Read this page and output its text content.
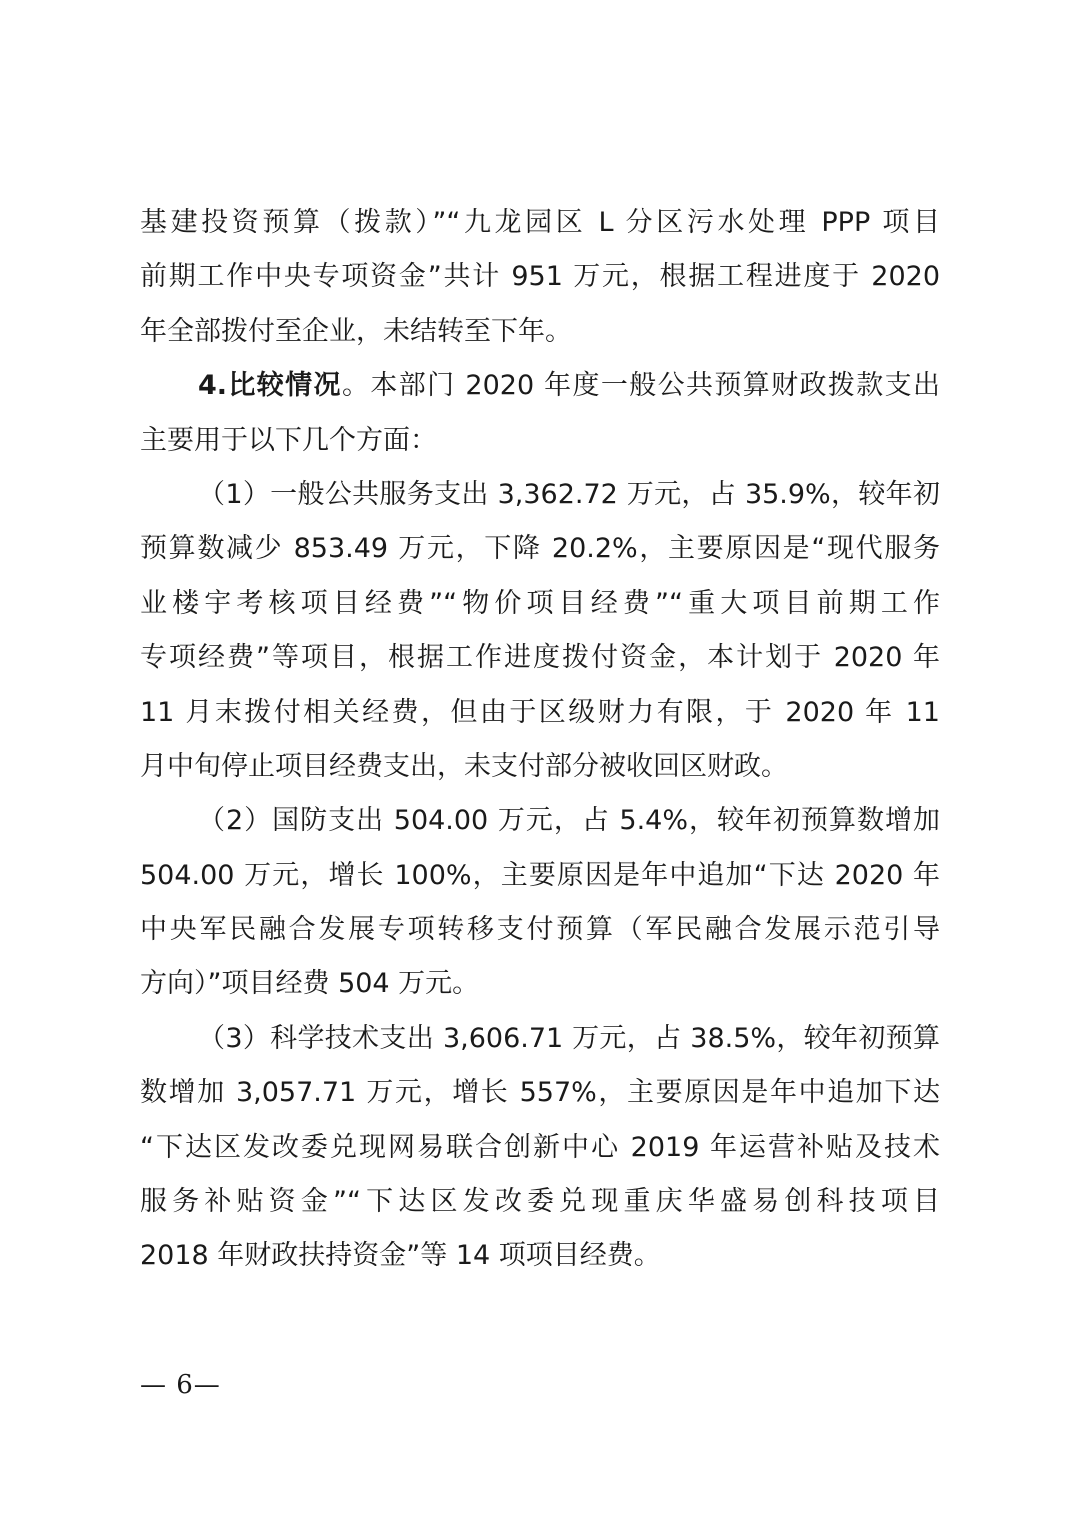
基建投资预算（拨款）”“九龙园区 L 分区污水处理 PPP 项目
前期工作中央专项资金”共计 951 万元，根据工程进度于 2020
年全部拨付至企业，未结转至下年。
4.比较情况。本部门 2020 年度一般公共预算财政拨款支出
主要用于以下几个方面：
（1）一般公共服务支出 3,362.72 万元，占 35.9%，较年初
预算数减少 853.49 万元，下降 20.2%，主要原因是“现代服务
业楼宇考核项目经费”“物价项目经费”“重大项目前期工作
专项经费”等项目，根据工作进度拨付资金，本计划于 2020 年
11 月末拨付相关经费，但由于区级财力有限，于 2020 年 11
月中旬停止项目经费支出，未支付部分被收回区财政。
（2）国防支出 504.00 万元，占 5.4%，较年初预算数增加
504.00 万元，增长 100%，主要原因是年中追加“下达 2020 年
中央军民融合发展专项转移支付预算（军民融合发展示范引导
方向）”项目经费 504 万元。
（3）科学技术支出 3,606.71 万元，占 38.5%，较年初预算
数增加 3,057.71 万元，增长 557%，主要原因是年中追加下达
“下达区发改委兑现网易联合创新中心 2019 年运营补贴及技术
服务补贴资金”“下达区发改委兑现重庆华盛易创科技项目
2018 年财政扶持资金”等 14 项项目经费。
— 6—
